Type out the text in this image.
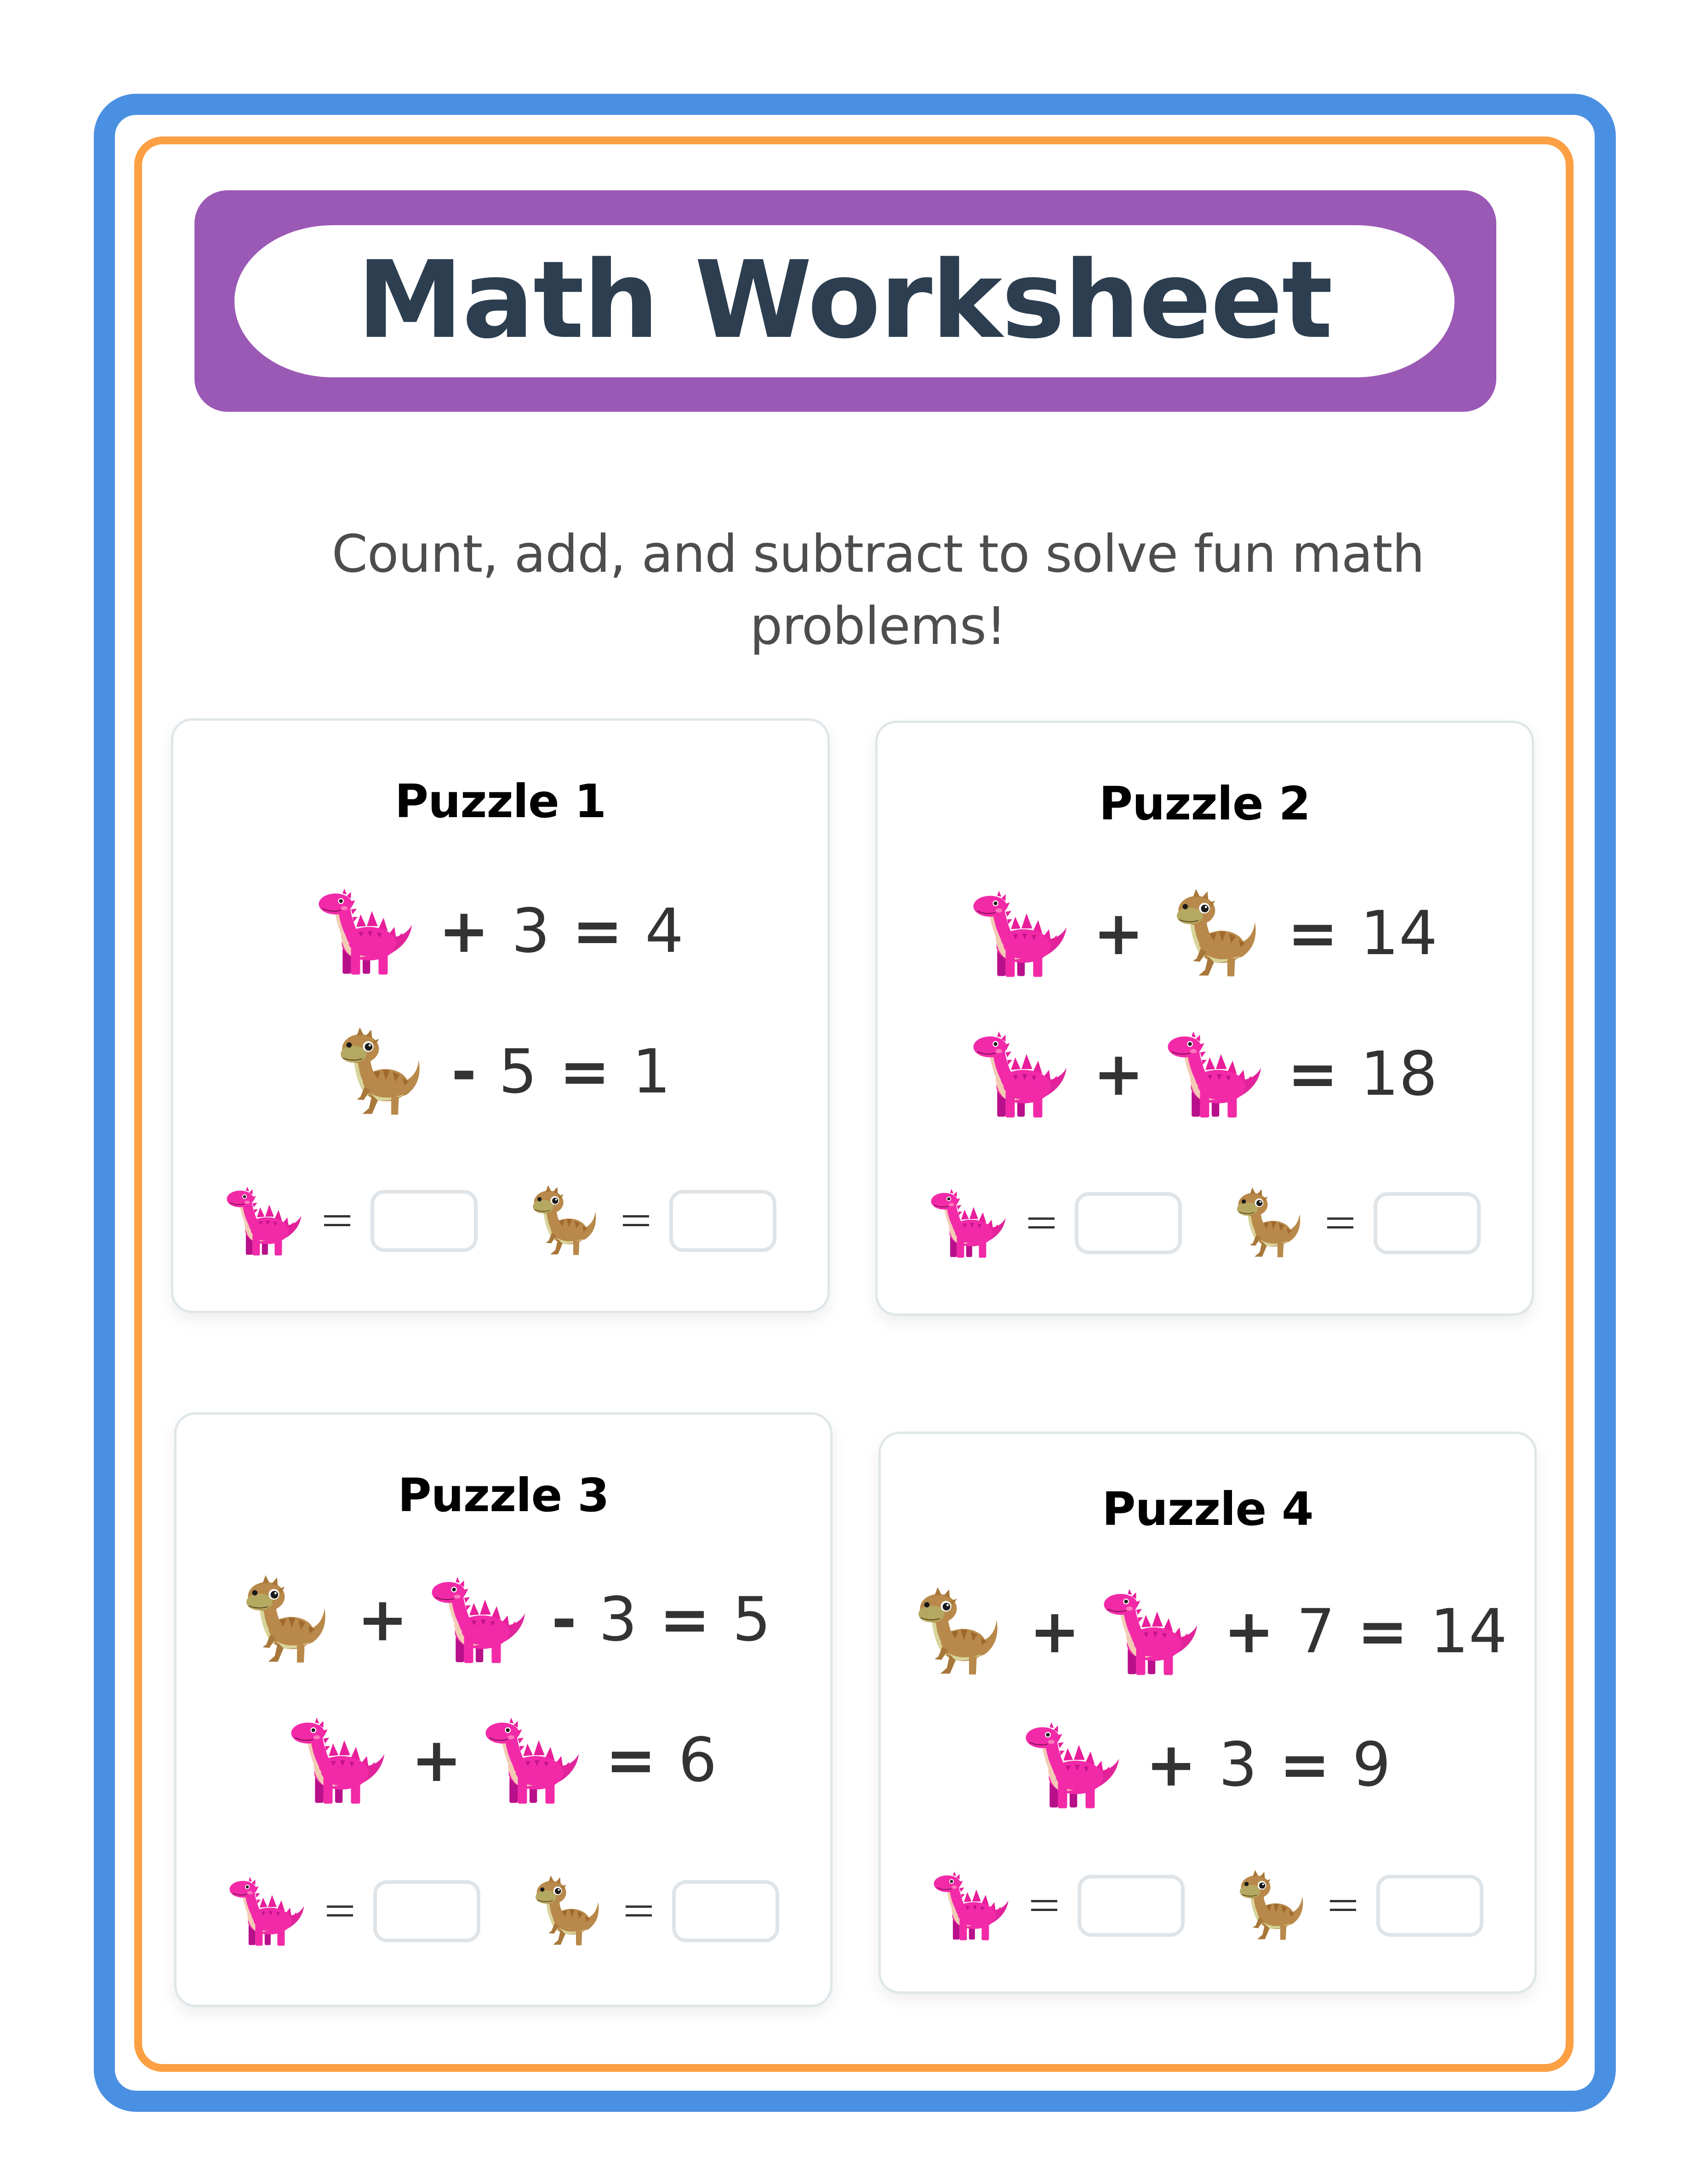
Math Worksheet
Count, add, and subtract to solve fun math problems!
Puzzle 1
+ 3 = 4
- 5 = 1
Puzzle 2
+ = 14
+ = 18
Puzzle 3
+ - 3 = 5
+ = 6
Puzzle 4
+ + 7 = 14
+ 3 = 9
